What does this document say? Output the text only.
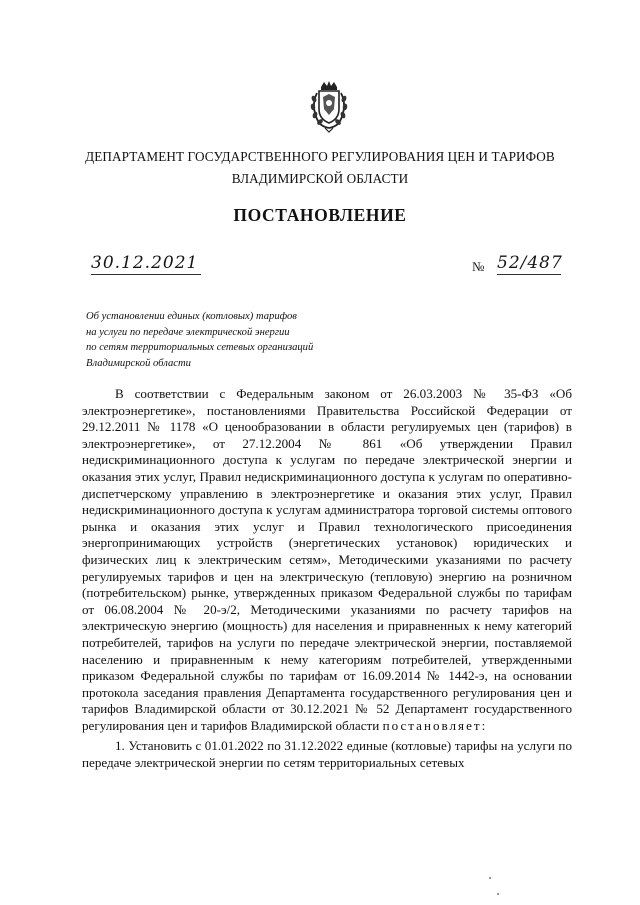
ДЕПАРТАМЕНТ ГОСУДАРСТВЕННОГО РЕГУЛИРОВАНИЯ ЦЕН И ТАРИФОВ
ВЛАДИМИРСКОЙ ОБЛАСТИ
ПОСТАНОВЛЕНИЕ
30.12.2021	№ 52/487
Об установлении единых (котловых) тарифов
на услуги по передаче электрической энергии
по сетям территориальных сетевых организаций
Владимирской области

В соответствии с Федеральным законом от 26.03.2003 № 35-ФЗ «Об электроэнергетике», постановлениями Правительства Российской Федерации от 29.12.2011 № 1178 «О ценообразовании в области регулируемых цен (тарифов) в электроэнергетике», от 27.12.2004 № 861 «Об утверждении Правил недискриминационного доступа к услугам по передаче электрической энергии и оказания этих услуг, Правил недискриминационного доступа к услугам по оперативно-диспетчерскому управлению в электроэнергетике и оказания этих услуг, Правил недискриминационного доступа к услугам администратора торговой системы оптового рынка и оказания этих услуг и Правил технологического присоединения энергопринимающих устройств (энергетических установок) юридических и физических лиц к электрическим сетям», Методическими указаниями по расчету регулируемых тарифов и цен на электрическую (тепловую) энергию на розничном (потребительском) рынке, утвержденных приказом Федеральной службы по тарифам от 06.08.2004 № 20-э/2, Методическими указаниями по расчету тарифов на электрическую энергию (мощность) для населения и приравненных к нему категорий потребителей, тарифов на услуги по передаче электрической энергии, поставляемой населению и приравненным к нему категориям потребителей, утвержденными приказом Федеральной службы по тарифам от 16.09.2014 № 1442-э, на основании протокола заседания правления Департамента государственного регулирования цен и тарифов Владимирской области от 30.12.2021 № 52 Департамент государственного регулирования цен и тарифов Владимирской области постановляет:

1. Установить с 01.01.2022 по 31.12.2022 единые (котловые) тарифы на услуги по передаче электрической энергии по сетям территориальных сетевых
